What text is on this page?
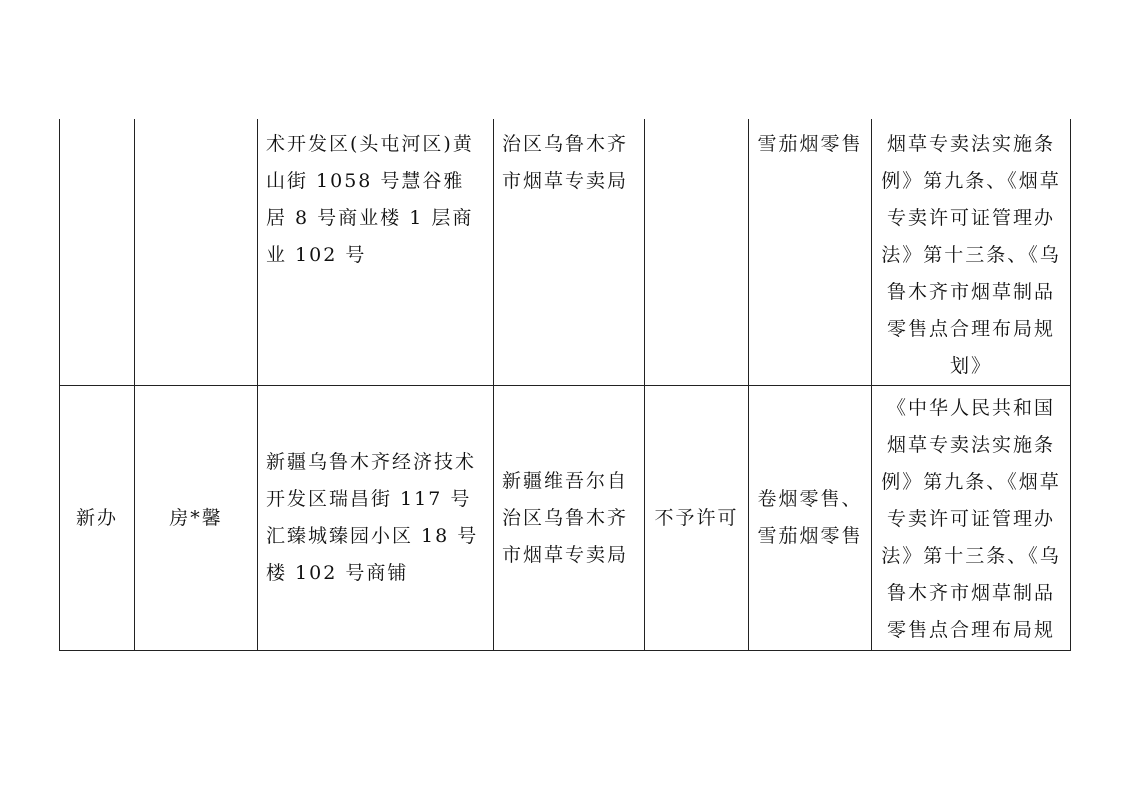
		术开发区(头屯河区)黄山街 1058 号慧谷雅居 8 号商业楼 1 层商业 102 号	治区乌鲁木齐市烟草专卖局		雪茄烟零售	烟草专卖法实施条例》第九条、《烟草专卖许可证管理办法》第十三条、《乌鲁木齐市烟草制品零售点合理布局规划》

新办	房*馨	新疆乌鲁木齐经济技术开发区瑞昌街 117 号汇臻城臻园小区 18 号楼 102 号商铺	新疆维吾尔自治区乌鲁木齐市烟草专卖局	不予许可	卷烟零售、雪茄烟零售	《中华人民共和国烟草专卖法实施条例》第九条、《烟草专卖许可证管理办法》第十三条、《乌鲁木齐市烟草制品零售点合理布局规
